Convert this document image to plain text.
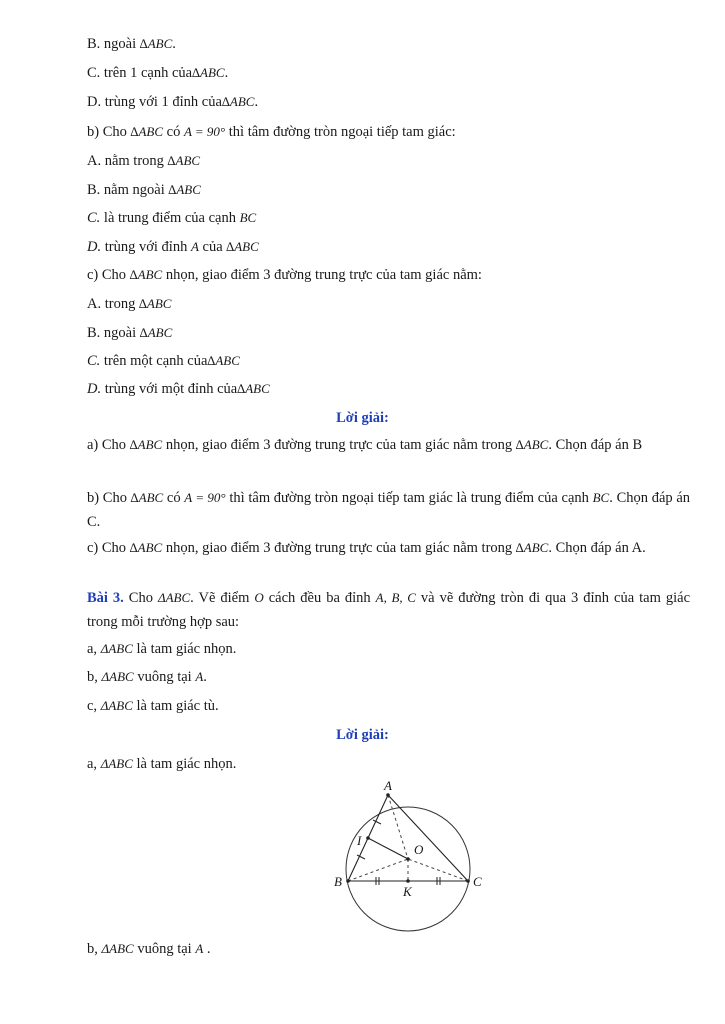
B. ngoài ∆ABC.
C. trên 1 cạnh của∆ABC.
D. trùng với 1 đỉnh của∆ABC.
b) Cho ∆ABC có A = 90° thì tâm đường tròn ngoại tiếp tam giác:
A. nằm trong ∆ABC
B. nằm ngoài ∆ABC
C. là trung điểm của cạnh BC
D. trùng với đỉnh A của ∆ABC
c) Cho ∆ABC nhọn, giao điểm 3 đường trung trực của tam giác nằm:
A. trong ∆ABC
B. ngoài ∆ABC
C. trên một cạnh của∆ABC
D. trùng với một đỉnh của∆ABC
Lời giải:
a) Cho ∆ABC nhọn, giao điểm 3 đường trung trực của tam giác nằm trong ∆ABC. Chọn đáp án B
b) Cho ∆ABC có A = 90° thì tâm đường tròn ngoại tiếp tam giác là trung điểm của cạnh BC. Chọn đáp án C.
c) Cho ∆ABC nhọn, giao điểm 3 đường trung trực của tam giác nằm trong ∆ABC. Chọn đáp án A.
Bài 3. Cho ΔABC. Vẽ điểm O cách đều ba đỉnh A, B, C và vẽ đường tròn đi qua 3 đỉnh của tam giác trong mỗi trường hợp sau:
a, ΔABC là tam giác nhọn.
b, ΔABC vuông tại A.
c, ΔABC là tam giác tù.
Lời giải:
a, ΔABC là tam giác nhọn.
A
B	C
I
O
K
b, ΔABC vuông tại A .
